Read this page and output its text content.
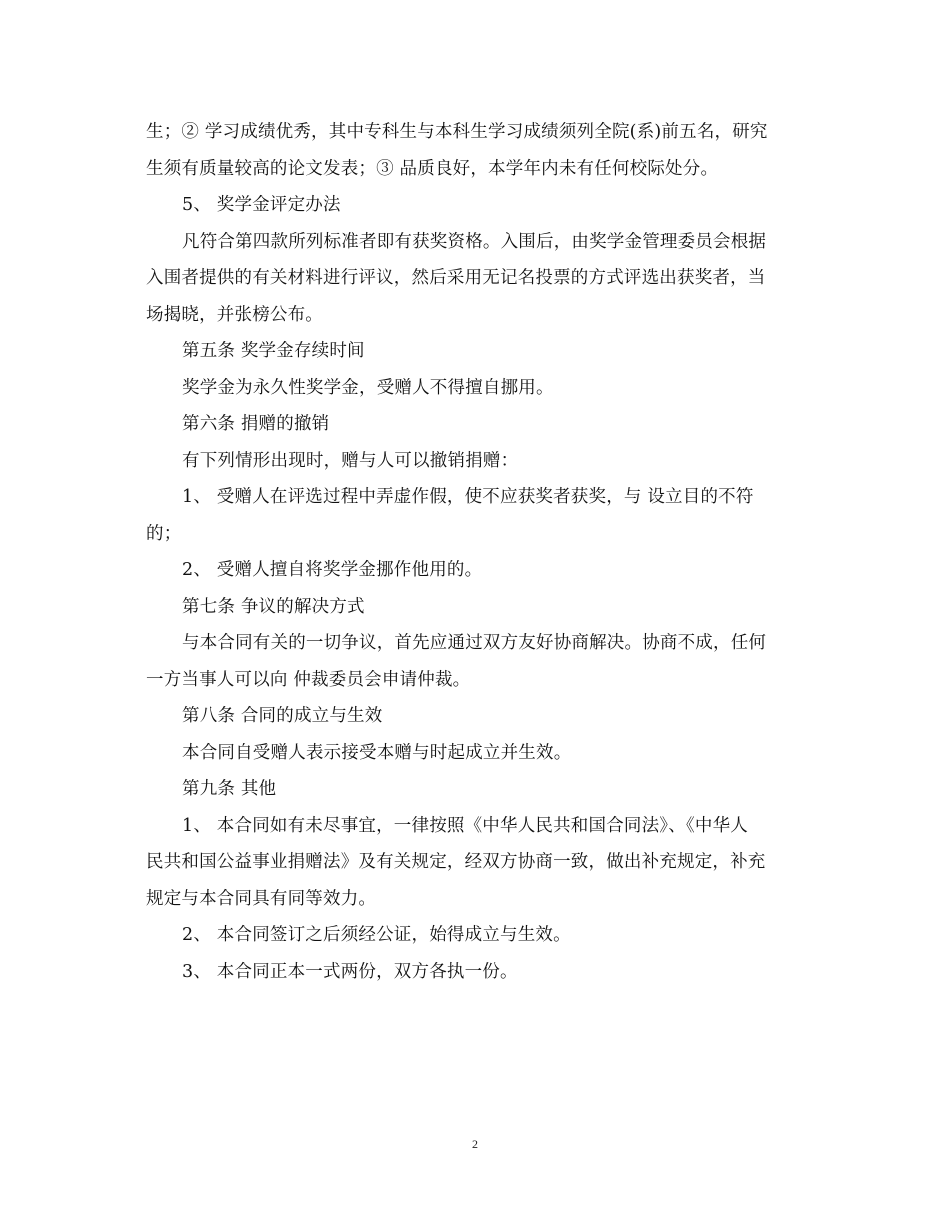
生；② 学习成绩优秀，其中专科生与本科生学习成绩须列全院(系)前五名，研究
生须有质量较高的论文发表；③ 品质良好，本学年内未有任何校际处分。
5、 奖学金评定办法
凡符合第四款所列标准者即有获奖资格。入围后，由奖学金管理委员会根据
入围者提供的有关材料进行评议，然后采用无记名投票的方式评选出获奖者，当
场揭晓，并张榜公布。
第五条 奖学金存续时间
奖学金为永久性奖学金，受赠人不得擅自挪用。
第六条 捐赠的撤销
有下列情形出现时，赠与人可以撤销捐赠：
1、 受赠人在评选过程中弄虚作假，使不应获奖者获奖，与 设立目的不符
的；
2、 受赠人擅自将奖学金挪作他用的。
第七条 争议的解决方式
与本合同有关的一切争议，首先应通过双方友好协商解决。协商不成，任何
一方当事人可以向 仲裁委员会申请仲裁。
第八条 合同的成立与生效
本合同自受赠人表示接受本赠与时起成立并生效。
第九条 其他
1、 本合同如有未尽事宜，一律按照《中华人民共和国合同法》、《中华人
民共和国公益事业捐赠法》及有关规定，经双方协商一致，做出补充规定，补充
规定与本合同具有同等效力。
2、 本合同签订之后须经公证，始得成立与生效。
3、 本合同正本一式两份，双方各执一份。
2
